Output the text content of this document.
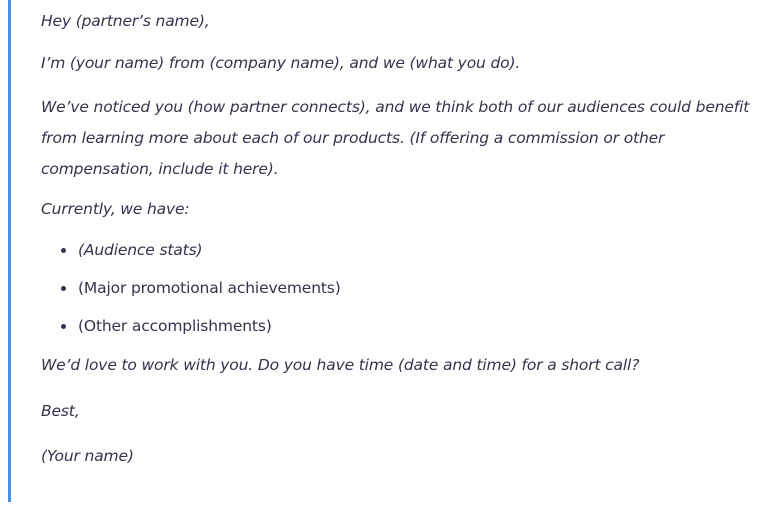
Hey (partner’s name),
I’m (your name) from (company name), and we (what you do).
We’ve noticed you (how partner connects), and we think both of our audiences could benefit from learning more about each of our products. (If offering a commission or other compensation, include it here).
Currently, we have:
(Audience stats)
(Major promotional achievements)
(Other accomplishments)
We’d love to work with you. Do you have time (date and time) for a short call?
Best,
(Your name)
